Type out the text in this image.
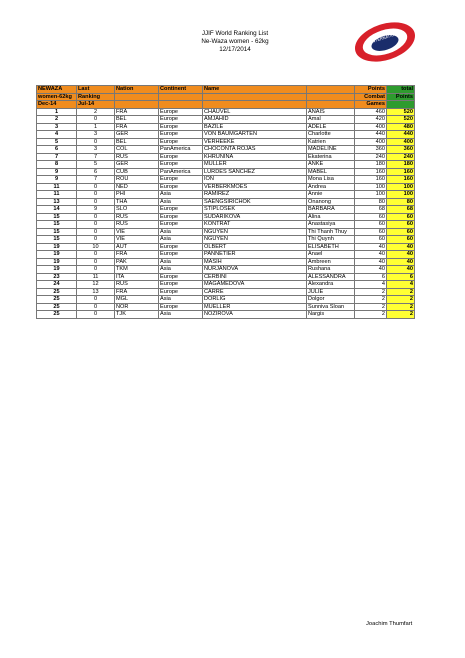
JJIF World Ranking List
Ne-Waza women - 62kg
12/17/2014
INTERNATIONAL
NEWAZA	Last	Nation	Continent	Name		Points	total
women-62kg	Ranking					Combat	Points
Dec-14	Jul-14					Games	
1	2	FRA	Europe	CHAUVEL	ANAIS	460	520
2	0	BEL	Europe	AMJAHID	Amal	420	520
3	1	FRA	Europe	BAZILE	ADELE	400	480
4	3	GER	Europe	VON BAUMGARTEN	Charlotte	440	440
5	0	BEL	Europe	VERHEEKE	Katrien	400	400
6	3	COL	PanAmerica	CHOCONTA ROJAS	MADELINE	360	360
7	7	RUS	Europe	KHRUNINA	Ekaterina	240	240
8	5	GER	Europe	MULLER	ANKE	180	180
9	6	CUB	PanAmerica	LURDES SANCHEZ	MABEL	160	160
9	7	ROU	Europe	ION	Mona Lisa	160	160
11	0	NED	Europe	VERBERKMOES	Andrea	100	100
11	0	PHI	Asia	RAMIREZ	Annie	100	100
13	0	THA	Asia	SAENGSIRICHOK	Onanong	80	80
14	9	SLO	Europe	STIPLOSEK	BARBARA	68	68
15	0	RUS	Europe	SUDARIKOVA	Alina	60	60
15	0	RUS	Europe	KONTRAT	Anastasiya	60	60
15	0	VIE	Asia	NGUYEN	Thi Thanh Thuy	60	60
15	0	VIE	Asia	NGUYEN	Thi Quynh	60	60
19	10	AUT	Europe	OLBERT	ELISABETH	40	40
19	0	FRA	Europe	PANNETIER	Anael	40	40
19	0	PAK	Asia	MASIH	Ambreen	40	40
19	0	TKM	Asia	NURJANOVA	Rushana	40	40
23	11	ITA	Europe	CERBINI	ALESSANDRA	6	6
24	12	RUS	Europe	MAGAMEDOVA	Alexandra	4	4
25	13	FRA	Europe	CARRE	JULIE	2	2
25	0	MGL	Asia	DORLIG	Dolgor	2	2
25	0	NOR	Europe	MUELLER	Sunniva Sloan	2	2
25	0	TJK	Asia	NOZIROVA	Nargis	2	2
Joachim Thumfart
